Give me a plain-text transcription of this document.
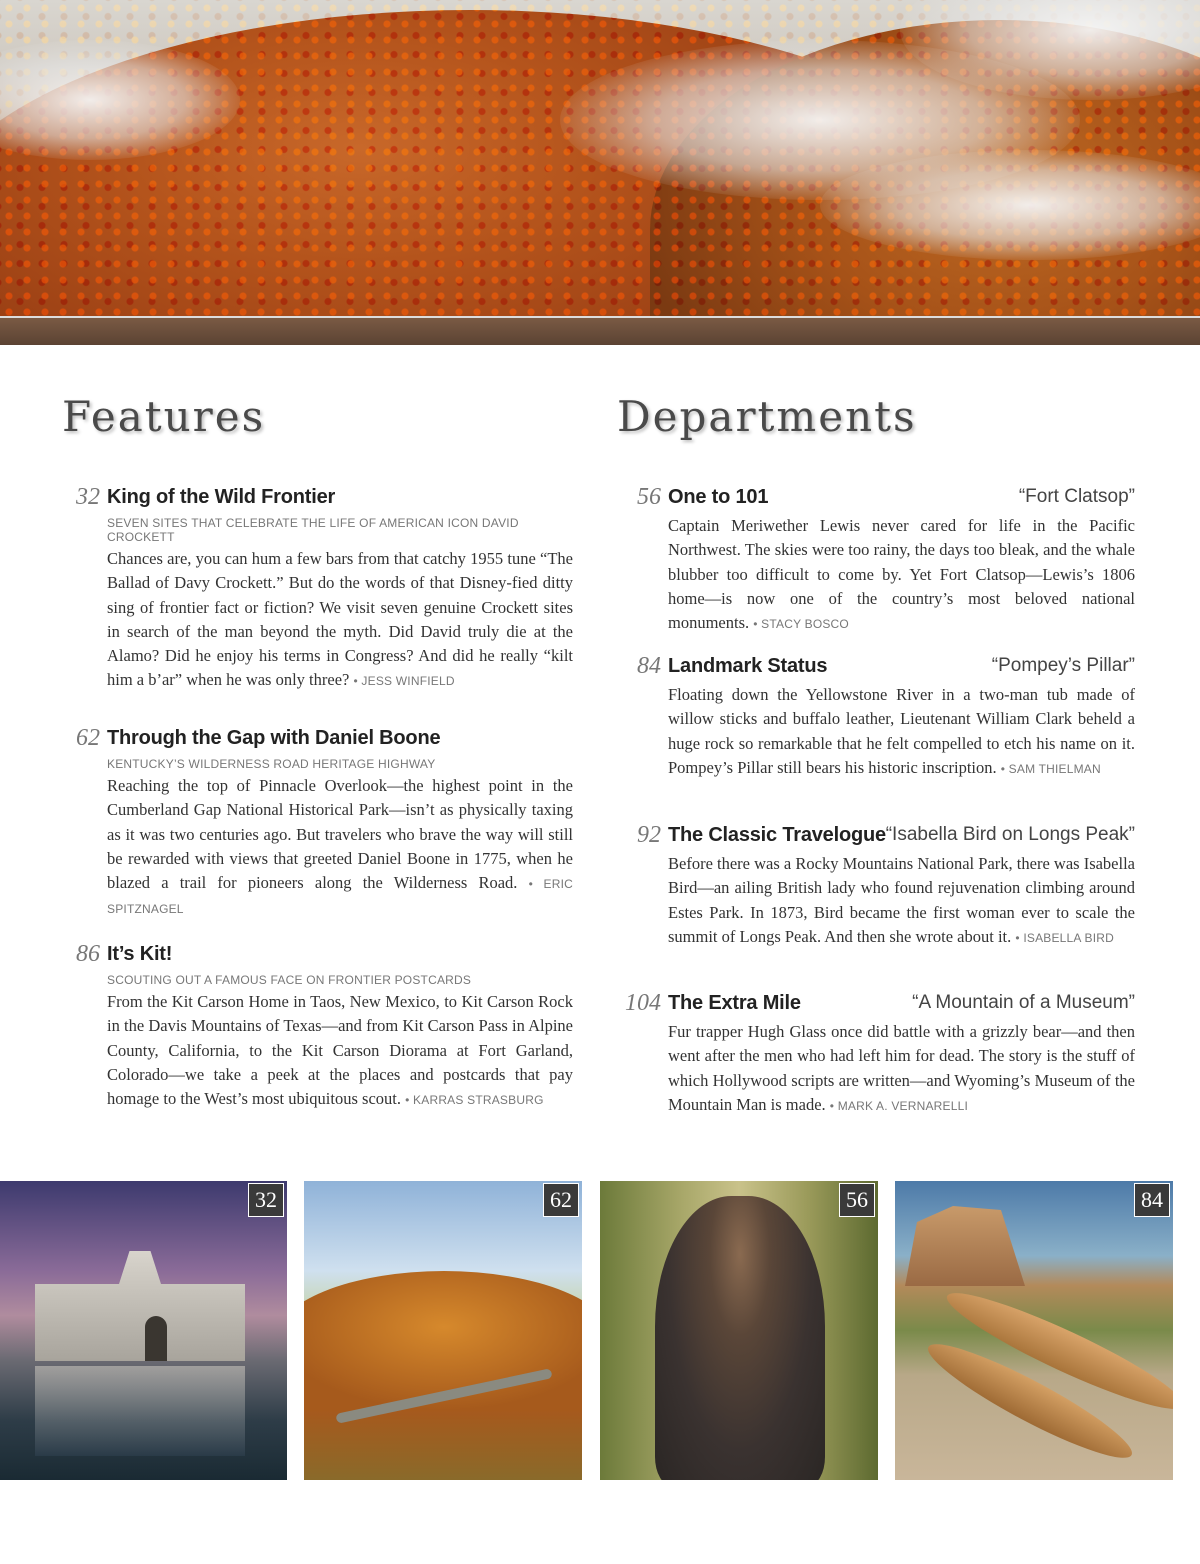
Features	Departments
32 King of the Wild Frontier
SEVEN SITES THAT CELEBRATE THE LIFE OF AMERICAN ICON DAVID CROCKETT

Chances are, you can hum a few bars from that catchy 1955 tune “The Ballad of Davy Crockett.” But do the words of that Disney-fied ditty sing of frontier fact or fiction? We visit seven genuine Crockett sites in search of the man beyond the myth. Did David truly die at the Alamo? Did he enjoy his terms in Congress? And did he really “kilt him a b’ar” when he was only three? • JESS WINFIELD

62 Through the Gap with Daniel Boone
KENTUCKY’S WILDERNESS ROAD HERITAGE HIGHWAY

Reaching the top of Pinnacle Overlook—the highest point in the Cumberland Gap National Historical Park—isn’t as physically taxing as it was two centuries ago. But travelers who brave the way will still be rewarded with views that greeted Daniel Boone in 1775, when he blazed a trail for pioneers along the Wilderness Road. • ERIC SPITZNAGEL

86 It’s Kit!
SCOUTING OUT A FAMOUS FACE ON FRONTIER POSTCARDS

From the Kit Carson Home in Taos, New Mexico, to Kit Carson Rock in the Davis Mountains of Texas—and from Kit Carson Pass in Alpine County, California, to the Kit Carson Diorama at Fort Garland, Colorado—we take a peek at the places and postcards that pay homage to the West’s most ubiquitous scout. • KARRAS STRASBURG

56 One to 101	“Fort Clatsop”

Captain Meriwether Lewis never cared for life in the Pacific Northwest. The skies were too rainy, the days too bleak, and the whale blubber too difficult to come by. Yet Fort Clatsop—Lewis’s 1806 home—is now one of the country’s most beloved national monuments. • STACY BOSCO

84 Landmark Status	“Pompey’s Pillar”

Floating down the Yellowstone River in a two-man tub made of willow sticks and buffalo leather, Lieutenant William Clark beheld a huge rock so remarkable that he felt compelled to etch his name on it. Pompey’s Pillar still bears his historic inscription. • SAM THIELMAN

92 The Classic Travelogue “Isabella Bird on Longs Peak”

Before there was a Rocky Mountains National Park, there was Isabella Bird—an ailing British lady who found rejuvenation climbing around Estes Park. In 1873, Bird became the first woman ever to scale the summit of Longs Peak. And then she wrote about it. • ISABELLA BIRD

104 The Extra Mile	“A Mountain of a Museum”

Fur trapper Hugh Glass once did battle with a grizzly bear—and then went after the men who had left him for dead. The story is the stuff of which Hollywood scripts are written—and Wyoming’s Museum of the Mountain Man is made. • MARK A. VERNARELLI

32	62	56	84
